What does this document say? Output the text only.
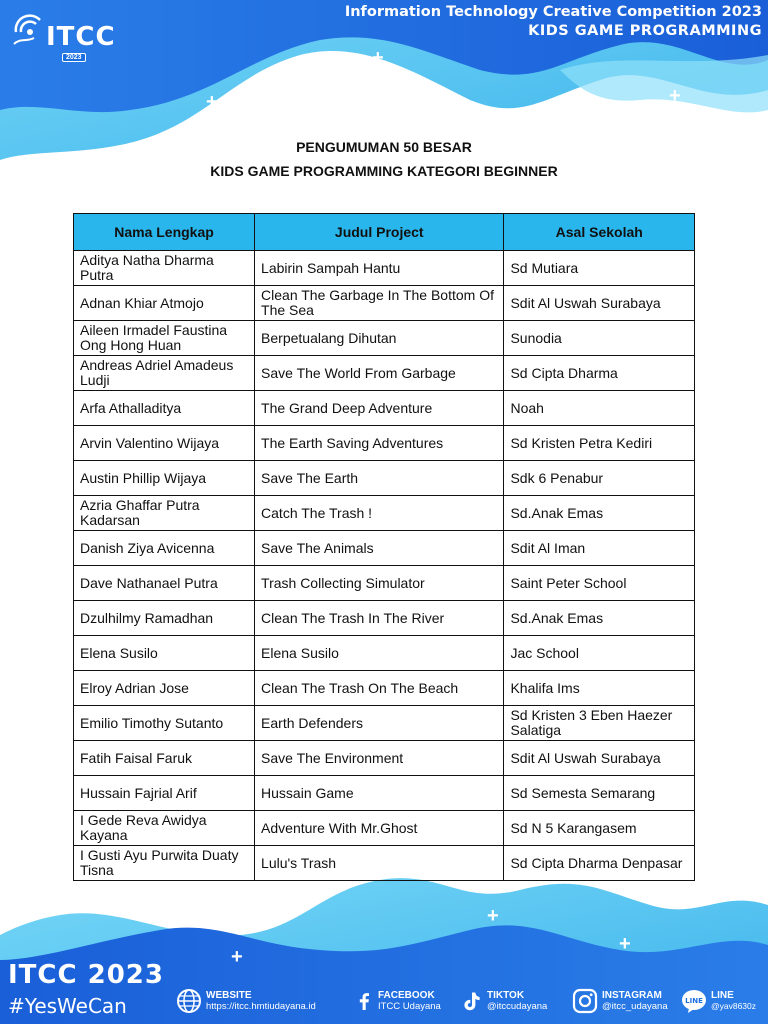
+
+	+
+
+
+
ITCC
2023
Information Technology Creative Competition 2023
KIDS GAME PROGRAMMING
PENGUMUMAN 50 BESAR
KIDS GAME PROGRAMMING KATEGORI BEGINNER
Nama Lengkap	Judul Project	Asal Sekolah
Aditya Natha Dharma Putra	Labirin Sampah Hantu	Sd Mutiara
Adnan Khiar Atmojo	Clean The Garbage In The Bottom Of The Sea	Sdit Al Uswah Surabaya
Aileen Irmadel Faustina Ong Hong Huan	Berpetualang Dihutan	Sunodia
Andreas Adriel Amadeus Ludji	Save The World From Garbage	Sd Cipta Dharma
Arfa Athalladitya	The Grand Deep Adventure	Noah
Arvin Valentino Wijaya	The Earth Saving Adventures	Sd Kristen Petra Kediri
Austin Phillip Wijaya	Save The Earth	Sdk 6 Penabur
Azria Ghaffar Putra Kadarsan	Catch The Trash !	Sd.Anak Emas
Danish Ziya Avicenna	Save The Animals	Sdit Al Iman
Dave Nathanael Putra	Trash Collecting Simulator	Saint Peter School
Dzulhilmy Ramadhan	Clean The Trash In The River	Sd.Anak Emas
Elena Susilo	Elena Susilo	Jac School
Elroy Adrian Jose	Clean The Trash On The Beach	Khalifa Ims
Emilio Timothy Sutanto	Earth Defenders	Sd Kristen 3 Eben Haezer Salatiga
Fatih Faisal Faruk	Save The Environment	Sdit Al Uswah Surabaya
Hussain Fajrial Arif	Hussain Game	Sd Semesta Semarang
I Gede Reva Awidya Kayana	Adventure With Mr.Ghost	Sd N 5 Karangasem
I Gusti Ayu Purwita Duaty Tisna	Lulu's Trash	Sd Cipta Dharma Denpasar
ITCC 2023
#YesWeCan	WEBSITE
https://itcc.hmtiudayana.id
FACEBOOK
ITCC Udayana
TIKTOK
@itccudayana
INSTAGRAM
@itcc_udayana	LINE LINE
@yav8630z
